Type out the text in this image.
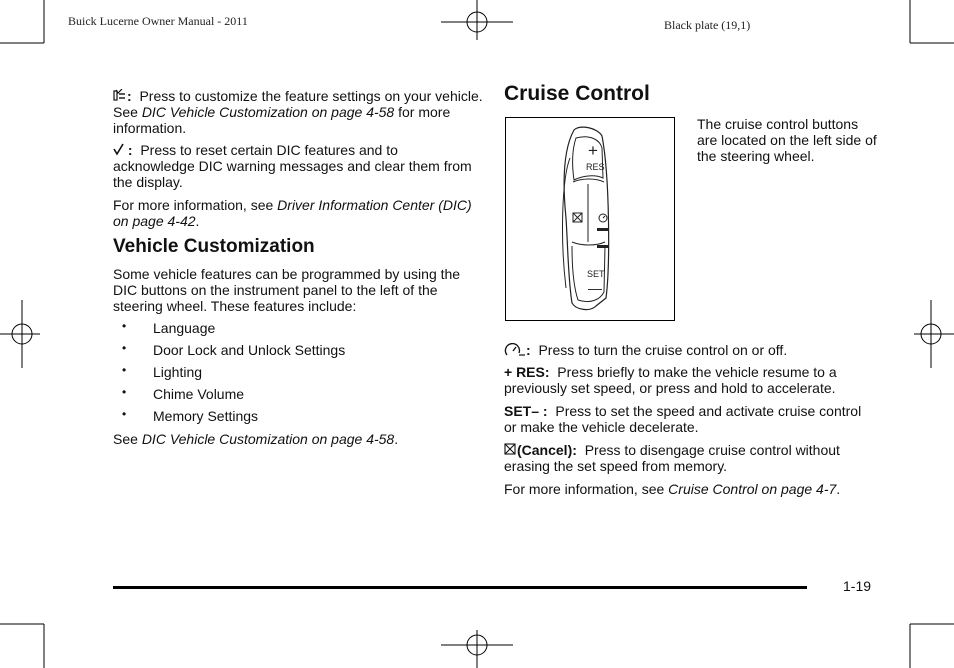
Buick Lucerne Owner Manual - 2011	Black plate (19,1)

: Press to customize the feature settings on your vehicle. See DIC Vehicle Customization on page 4-58 for more information.

: Press to reset certain DIC features and to acknowledge DIC warning messages and clear them from the display.

For more information, see Driver Information Center (DIC) on page 4-42.

Vehicle Customization

Some vehicle features can be programmed by using the DIC buttons on the instrument panel to the left of the steering wheel. These features include:

• Language
• Door Lock and Unlock Settings
• Lighting
• Chime Volume
• Memory Settings

See DIC Vehicle Customization on page 4-58.

Cruise Control
+
RES
SET
—

The cruise control buttons are located on the left side of the steering wheel.

: Press to turn the cruise control on or off.

+ RES: Press briefly to make the vehicle resume to a previously set speed, or press and hold to accelerate.

SET– : Press to set the speed and activate cruise control or make the vehicle decelerate.

(Cancel): Press to disengage cruise control without erasing the set speed from memory.

For more information, see Cruise Control on page 4-7.

1-19
